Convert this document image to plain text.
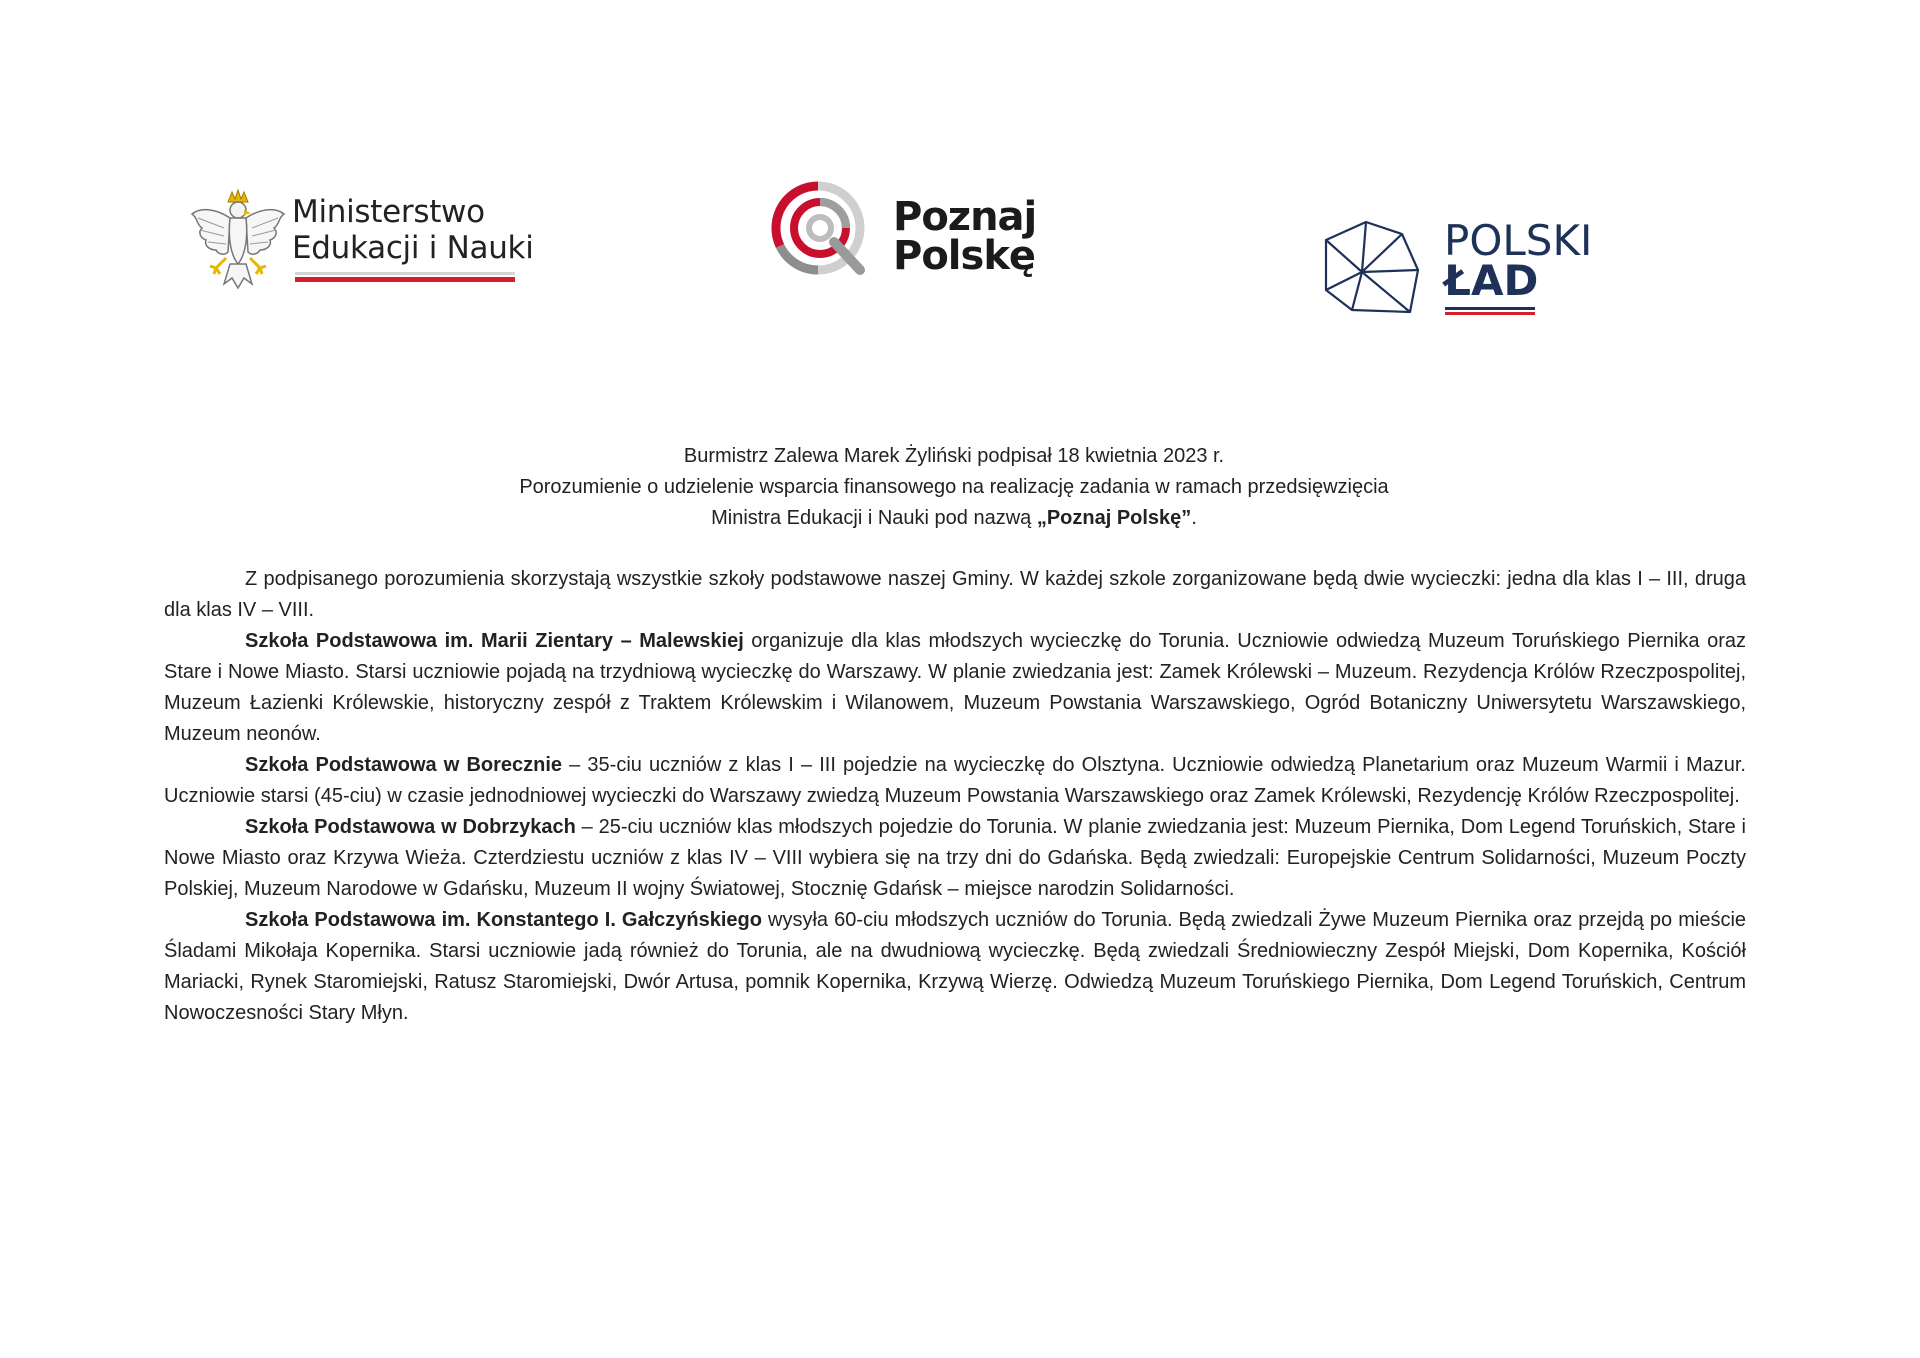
Ministerstwo
Edukacji i Nauki
Poznaj
Polskę	POLSKI
ŁAD
Burmistrz Zalewa Marek Żyliński podpisał 18 kwietnia 2023 r.
Porozumienie o udzielenie wsparcia finansowego na realizację zadania w ramach przedsięwzięcia
Ministra Edukacji i Nauki pod nazwą „Poznaj Polskę”.

Z podpisanego porozumienia skorzystają wszystkie szkoły podstawowe naszej Gminy. W każdej szkole zorganizowane będą dwie wycieczki: jedna dla klas I – III, druga dla klas IV – VIII.

Szkoła Podstawowa im. Marii Zientary – Malewskiej organizuje dla klas młodszych wycieczkę do Torunia. Uczniowie odwiedzą Muzeum Toruńskiego Piernika oraz Stare i Nowe Miasto. Starsi uczniowie pojadą na trzydniową wycieczkę do Warszawy. W planie zwiedzania jest: Zamek Królewski – Muzeum. Rezydencja Królów Rzeczpospolitej, Muzeum Łazienki Królewskie, historyczny zespół z Traktem Królewskim i Wilanowem, Muzeum Powstania Warszawskiego, Ogród Botaniczny Uniwersytetu Warszawskiego, Muzeum neonów.

Szkoła Podstawowa w Borecznie – 35-ciu uczniów z klas I – III pojedzie na wycieczkę do Olsztyna. Uczniowie odwiedzą Planetarium oraz Muzeum Warmii i Mazur. Uczniowie starsi (45-ciu) w czasie jednodniowej wycieczki do Warszawy zwiedzą Muzeum Powstania Warszawskiego oraz Zamek Królewski, Rezydencję Królów Rzeczpospolitej.

Szkoła Podstawowa w Dobrzykach – 25-ciu uczniów klas młodszych pojedzie do Torunia. W planie zwiedzania jest: Muzeum Piernika, Dom Legend Toruńskich, Stare i Nowe Miasto oraz Krzywa Wieża. Czterdziestu uczniów z klas IV – VIII wybiera się na trzy dni do Gdańska. Będą zwiedzali: Europejskie Centrum Solidarności, Muzeum Poczty Polskiej, Muzeum Narodowe w Gdańsku, Muzeum II wojny Światowej, Stocznię Gdańsk – miejsce narodzin Solidarności.

Szkoła Podstawowa im. Konstantego I. Gałczyńskiego wysyła 60-ciu młodszych uczniów do Torunia. Będą zwiedzali Żywe Muzeum Piernika oraz przejdą po mieście Śladami Mikołaja Kopernika. Starsi uczniowie jadą również do Torunia, ale na dwudniową wycieczkę. Będą zwiedzali Średniowieczny Zespół Miejski, Dom Kopernika, Kościół Mariacki, Rynek Staromiejski, Ratusz Staromiejski, Dwór Artusa, pomnik Kopernika, Krzywą Wierzę. Odwiedzą Muzeum Toruńskiego Piernika, Dom Legend Toruńskich, Centrum Nowoczesności Stary Młyn.
